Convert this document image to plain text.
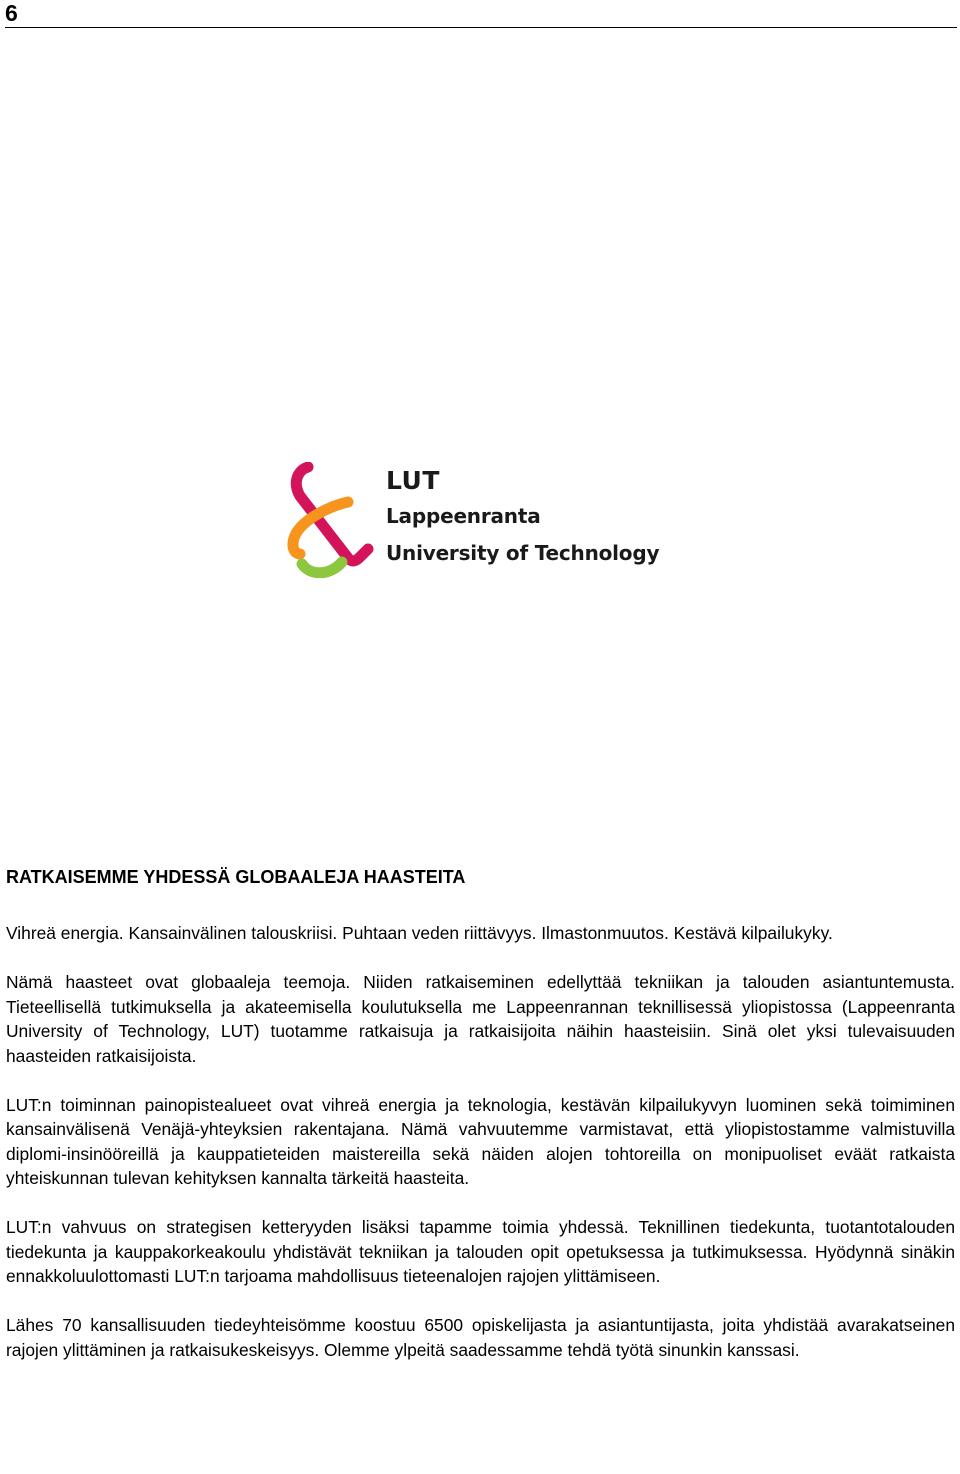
6
LUT
Lappeenranta
University of Technology
RATKAISEMME YHDESSÄ GLOBAALEJA HAASTEITA

Vihreä energia. Kansainvälinen talouskriisi. Puhtaan veden riittävyys. Ilmastonmuutos. Kestävä kilpailukyky.

Nämä haasteet ovat globaaleja teemoja. Niiden ratkaiseminen edellyttää tekniikan ja talouden asiantuntemusta. Tieteellisellä tutkimuksella ja akateemisella koulutuksella me Lappeenrannan teknillisessä yliopistossa (Lappeenranta University of Technology, LUT) tuotamme ratkaisuja ja ratkaisijoita näihin haasteisiin. Sinä olet yksi tulevaisuuden haasteiden ratkaisijoista.

LUT:n toiminnan painopistealueet ovat vihreä energia ja teknologia, kestävän kilpailukyvyn luominen sekä toimiminen kansainvälisenä Venäjä-yhteyksien rakentajana. Nämä vahvuutemme varmistavat, että yliopistostamme valmistuvilla diplomi-insinööreillä ja kauppatieteiden maistereilla sekä näiden alojen tohtoreilla on monipuoliset eväät ratkaista yhteiskunnan tulevan kehityksen kannalta tärkeitä haasteita.

LUT:n vahvuus on strategisen ketteryyden lisäksi tapamme toimia yhdessä. Teknillinen tiedekunta, tuotantotalouden tiedekunta ja kauppakorkeakoulu yhdistävät tekniikan ja talouden opit opetuksessa ja tutkimuksessa. Hyödynnä sinäkin ennakkoluulottomasti LUT:n tarjoama mahdollisuus tieteenalojen rajojen ylittämiseen.

Lähes 70 kansallisuuden tiedeyhteisömme koostuu 6500 opiskelijasta ja asiantuntijasta, joita yhdistää avarakatseinen rajojen ylittäminen ja ratkaisukeskeisyys. Olemme ylpeitä saadessamme tehdä työtä sinunkin kanssasi.
